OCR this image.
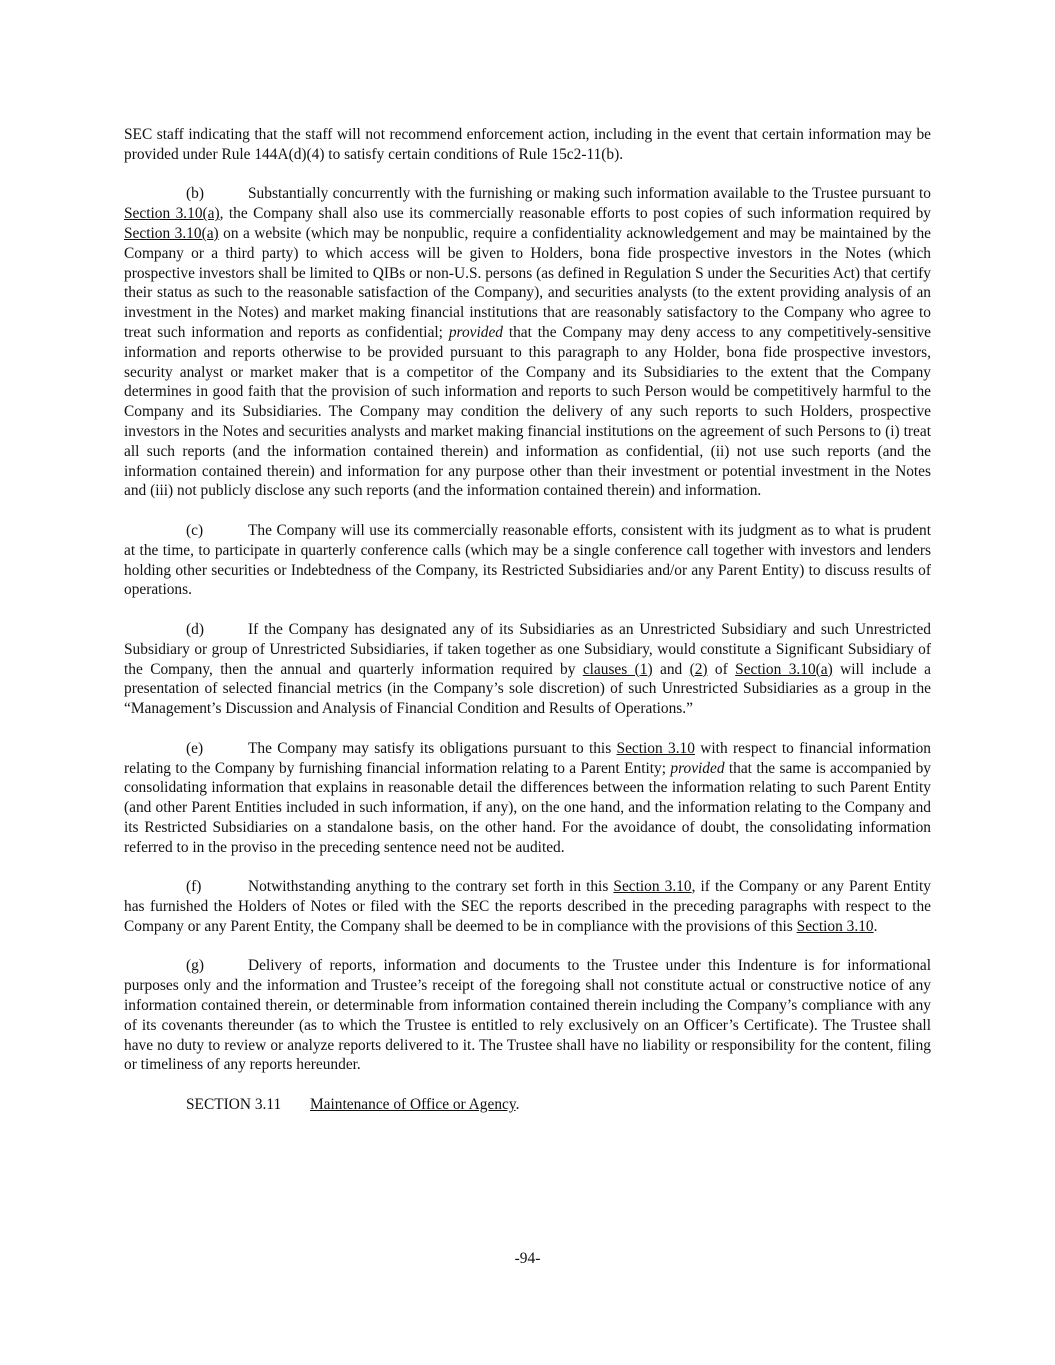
SEC staff indicating that the staff will not recommend enforcement action, including in the event that certain information may be provided under Rule 144A(d)(4) to satisfy certain conditions of Rule 15c2-11(b).

(b)	Substantially concurrently with the furnishing or making such information available to the Trustee pursuant to Section 3.10(a), the Company shall also use its commercially reasonable efforts to post copies of such information required by Section 3.10(a) on a website (which may be nonpublic, require a confidentiality acknowledgement and may be maintained by the Company or a third party) to which access will be given to Holders, bona fide prospective investors in the Notes (which prospective investors shall be limited to QIBs or non-U.S. persons (as defined in Regulation S under the Securities Act) that certify their status as such to the reasonable satisfaction of the Company), and securities analysts (to the extent providing analysis of an investment in the Notes) and market making financial institutions that are reasonably satisfactory to the Company who agree to treat such information and reports as confidential; provided that the Company may deny access to any competitively-sensitive information and reports otherwise to be provided pursuant to this paragraph to any Holder, bona fide prospective investors, security analyst or market maker that is a competitor of the Company and its Subsidiaries to the extent that the Company determines in good faith that the provision of such information and reports to such Person would be competitively harmful to the Company and its Subsidiaries. The Company may condition the delivery of any such reports to such Holders, prospective investors in the Notes and securities analysts and market making financial institutions on the agreement of such Persons to (i) treat all such reports (and the information contained therein) and information as confidential, (ii) not use such reports (and the information contained therein) and information for any purpose other than their investment or potential investment in the Notes and (iii) not publicly disclose any such reports (and the information contained therein) and information.

(c)	The Company will use its commercially reasonable efforts, consistent with its judgment as to what is prudent at the time, to participate in quarterly conference calls (which may be a single conference call together with investors and lenders holding other securities or Indebtedness of the Company, its Restricted Subsidiaries and/or any Parent Entity) to discuss results of operations.

(d)	If the Company has designated any of its Subsidiaries as an Unrestricted Subsidiary and such Unrestricted Subsidiary or group of Unrestricted Subsidiaries, if taken together as one Subsidiary, would constitute a Significant Subsidiary of the Company, then the annual and quarterly information required by clauses (1) and (2) of Section 3.10(a) will include a presentation of selected financial metrics (in the Company’s sole discretion) of such Unrestricted Subsidiaries as a group in the “Management’s Discussion and Analysis of Financial Condition and Results of Operations.”

(e)	The Company may satisfy its obligations pursuant to this Section 3.10 with respect to financial information relating to the Company by furnishing financial information relating to a Parent Entity; provided that the same is accompanied by consolidating information that explains in reasonable detail the differences between the information relating to such Parent Entity (and other Parent Entities included in such information, if any), on the one hand, and the information relating to the Company and its Restricted Subsidiaries on a standalone basis, on the other hand. For the avoidance of doubt, the consolidating information referred to in the proviso in the preceding sentence need not be audited.

(f)	Notwithstanding anything to the contrary set forth in this Section 3.10, if the Company or any Parent Entity has furnished the Holders of Notes or filed with the SEC the reports described in the preceding paragraphs with respect to the Company or any Parent Entity, the Company shall be deemed to be in compliance with the provisions of this Section 3.10.

(g)	Delivery of reports, information and documents to the Trustee under this Indenture is for informational purposes only and the information and Trustee’s receipt of the foregoing shall not constitute actual or constructive notice of any information contained therein, or determinable from information contained therein including the Company’s compliance with any of its covenants thereunder (as to which the Trustee is entitled to rely exclusively on an Officer’s Certificate). The Trustee shall have no duty to review or analyze reports delivered to it. The Trustee shall have no liability or responsibility for the content, filing or timeliness of any reports hereunder.

SECTION 3.11 Maintenance of Office or Agency.

-94-
